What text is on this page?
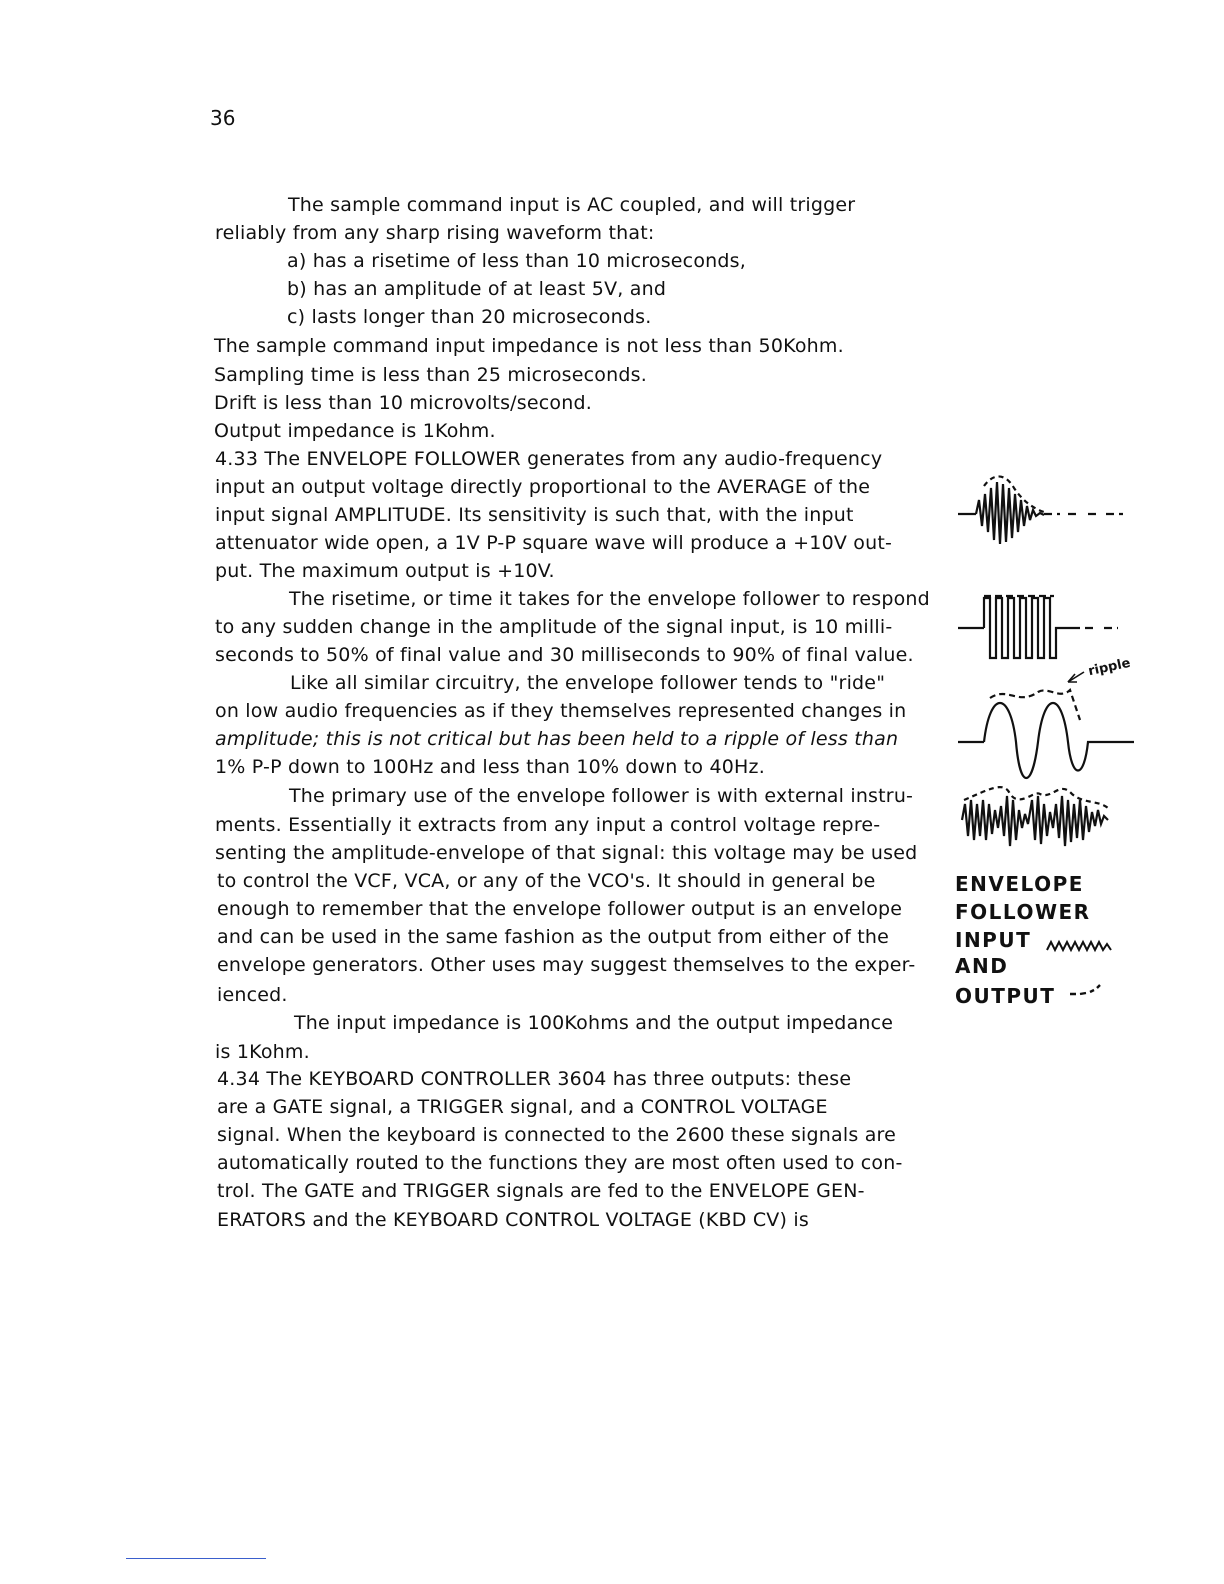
36
The sample command input is AC coupled, and will trigger
reliably from any sharp rising waveform that:
a) has a risetime of less than 10 microseconds,
b) has an amplitude of at least 5V, and
c) lasts longer than 20 microseconds.
The sample command input impedance is not less than 50Kohm.
Sampling time is less than 25 microseconds.
Drift is less than 10 microvolts/second.
Output impedance is 1Kohm.
4.33 The ENVELOPE FOLLOWER generates from any audio-frequency
input an output voltage directly proportional to the AVERAGE of the
input signal AMPLITUDE. Its sensitivity is such that, with the input
attenuator wide open, a 1V P-P square wave will produce a +10V out-
put. The maximum output is +10V.
The risetime, or time it takes for the envelope follower to respond
to any sudden change in the amplitude of the signal input, is 10 milli-
seconds to 50% of final value and 30 milliseconds to 90% of final value.
Like all similar circuitry, the envelope follower tends to "ride"
on low audio frequencies as if they themselves represented changes in
amplitude; this is not critical but has been held to a ripple of less than
1% P-P down to 100Hz and less than 10% down to 40Hz.
The primary use of the envelope follower is with external instru-
ments. Essentially it extracts from any input a control voltage repre-
senting the amplitude-envelope of that signal: this voltage may be used
to control the VCF, VCA, or any of the VCO's. It should in general be
enough to remember that the envelope follower output is an envelope
and can be used in the same fashion as the output from either of the
envelope generators. Other uses may suggest themselves to the exper-
ienced.
The input impedance is 100Kohms and the output impedance
is 1Kohm.
4.34 The KEYBOARD CONTROLLER 3604 has three outputs: these
are a GATE signal, a TRIGGER signal, and a CONTROL VOLTAGE
signal. When the keyboard is connected to the 2600 these signals are
automatically routed to the functions they are most often used to con-
trol. The GATE and TRIGGER signals are fed to the ENVELOPE GEN-
ERATORS and the KEYBOARD CONTROL VOLTAGE (KBD CV) is
ripple
ENVELOPE
FOLLOWER
INPUT
AND
OUTPUT
